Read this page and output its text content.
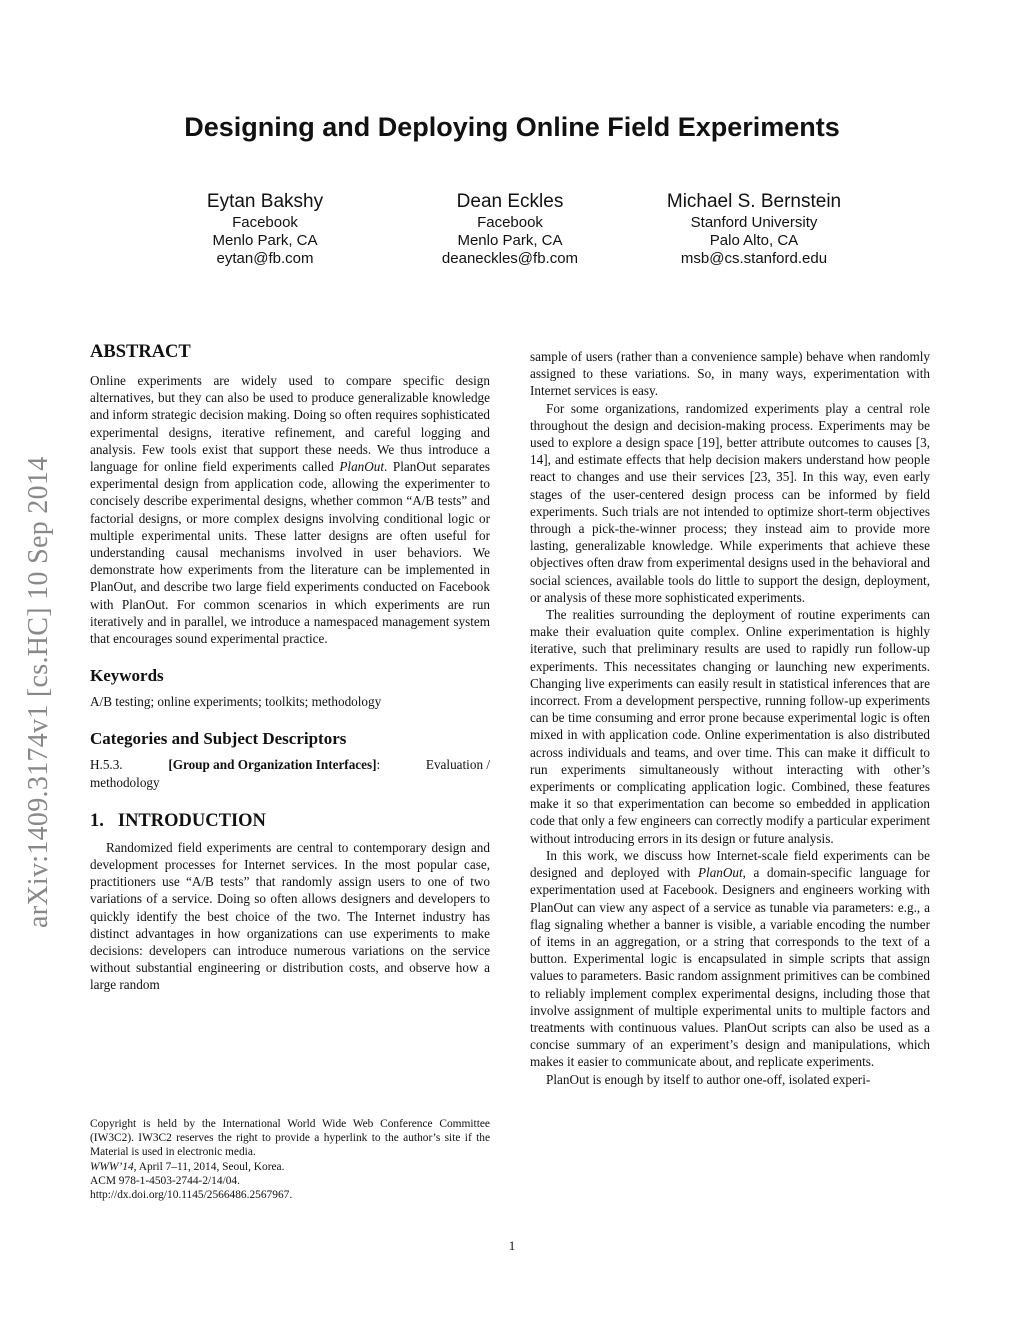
Designing and Deploying Online Field Experiments
Eytan Bakshy
Facebook
Menlo Park, CA
eytan@fb.com
Dean Eckles
Facebook
Menlo Park, CA
deaneckles@fb.com
Michael S. Bernstein
Stanford University
Palo Alto, CA
msb@cs.stanford.edu
arXiv:1409.3174v1 [cs.HC] 10 Sep 2014
ABSTRACT

Online experiments are widely used to compare specific design alternatives, but they can also be used to produce generalizable knowledge and inform strategic decision making. Doing so often requires sophisticated experimental designs, iterative refinement, and careful logging and analysis. Few tools exist that support these needs. We thus introduce a language for online field experiments called PlanOut. PlanOut separates experimental design from application code, allowing the experimenter to concisely describe experimental designs, whether common “A/B tests” and factorial designs, or more complex designs involving conditional logic or multiple experimental units. These latter designs are often useful for understanding causal mechanisms involved in user behaviors. We demonstrate how experiments from the literature can be implemented in PlanOut, and describe two large field experiments conducted on Facebook with PlanOut. For common scenarios in which experiments are run iteratively and in parallel, we introduce a namespaced management system that encourages sound experimental practice.

Keywords

A/B testing; online experiments; toolkits; methodology

Categories and Subject Descriptors
H.5.3.	[Group and Organization Interfaces]:	Evaluation /

methodology

1. INTRODUCTION

Randomized field experiments are central to contemporary design and development processes for Internet services. In the most popular case, practitioners use “A/B tests” that randomly assign users to one of two variations of a service. Doing so often allows designers and developers to quickly identify the best choice of the two. The Internet industry has distinct advantages in how organizations can use experiments to make decisions: developers can introduce numerous variations on the service without substantial engineering or distribution costs, and observe how a large random

Copyright is held by the International World Wide Web Conference Committee (IW3C2). IW3C2 reserves the right to provide a hyperlink to the author’s site if the Material is used in electronic media.

WWW’14, April 7–11, 2014, Seoul, Korea.
ACM 978-1-4503-2744-2/14/04.
http://dx.doi.org/10.1145/2566486.2567967.

sample of users (rather than a convenience sample) behave when randomly assigned to these variations. So, in many ways, experimentation with Internet services is easy.

For some organizations, randomized experiments play a central role throughout the design and decision-making process. Experiments may be used to explore a design space [19], better attribute outcomes to causes [3, 14], and estimate effects that help decision makers understand how people react to changes and use their services [23, 35]. In this way, even early stages of the user-centered design process can be informed by field experiments. Such trials are not intended to optimize short-term objectives through a pick-the-winner process; they instead aim to provide more lasting, generalizable knowledge. While experiments that achieve these objectives often draw from experimental designs used in the behavioral and social sciences, available tools do little to support the design, deployment, or analysis of these more sophisticated experiments.

The realities surrounding the deployment of routine experiments can make their evaluation quite complex. Online experimentation is highly iterative, such that preliminary results are used to rapidly run follow-up experiments. This necessitates changing or launching new experiments. Changing live experiments can easily result in statistical inferences that are incorrect. From a development perspective, running follow-up experiments can be time consuming and error prone because experimental logic is often mixed in with application code. Online experimentation is also distributed across individuals and teams, and over time. This can make it difficult to run experiments simultaneously without interacting with other’s experiments or complicating application logic. Combined, these features make it so that experimentation can become so embedded in application code that only a few engineers can correctly modify a particular experiment without introducing errors in its design or future analysis.

In this work, we discuss how Internet-scale field experiments can be designed and deployed with PlanOut, a domain-specific language for experimentation used at Facebook. Designers and engineers working with PlanOut can view any aspect of a service as tunable via parameters: e.g., a flag signaling whether a banner is visible, a variable encoding the number of items in an aggregation, or a string that corresponds to the text of a button. Experimental logic is encapsulated in simple scripts that assign values to parameters. Basic random assignment primitives can be combined to reliably implement complex experimental designs, including those that involve assignment of multiple experimental units to multiple factors and treatments with continuous values. PlanOut scripts can also be used as a concise summary of an experiment’s design and manipulations, which makes it easier to communicate about, and replicate experiments.

PlanOut is enough by itself to author one-off, isolated experi-

1
